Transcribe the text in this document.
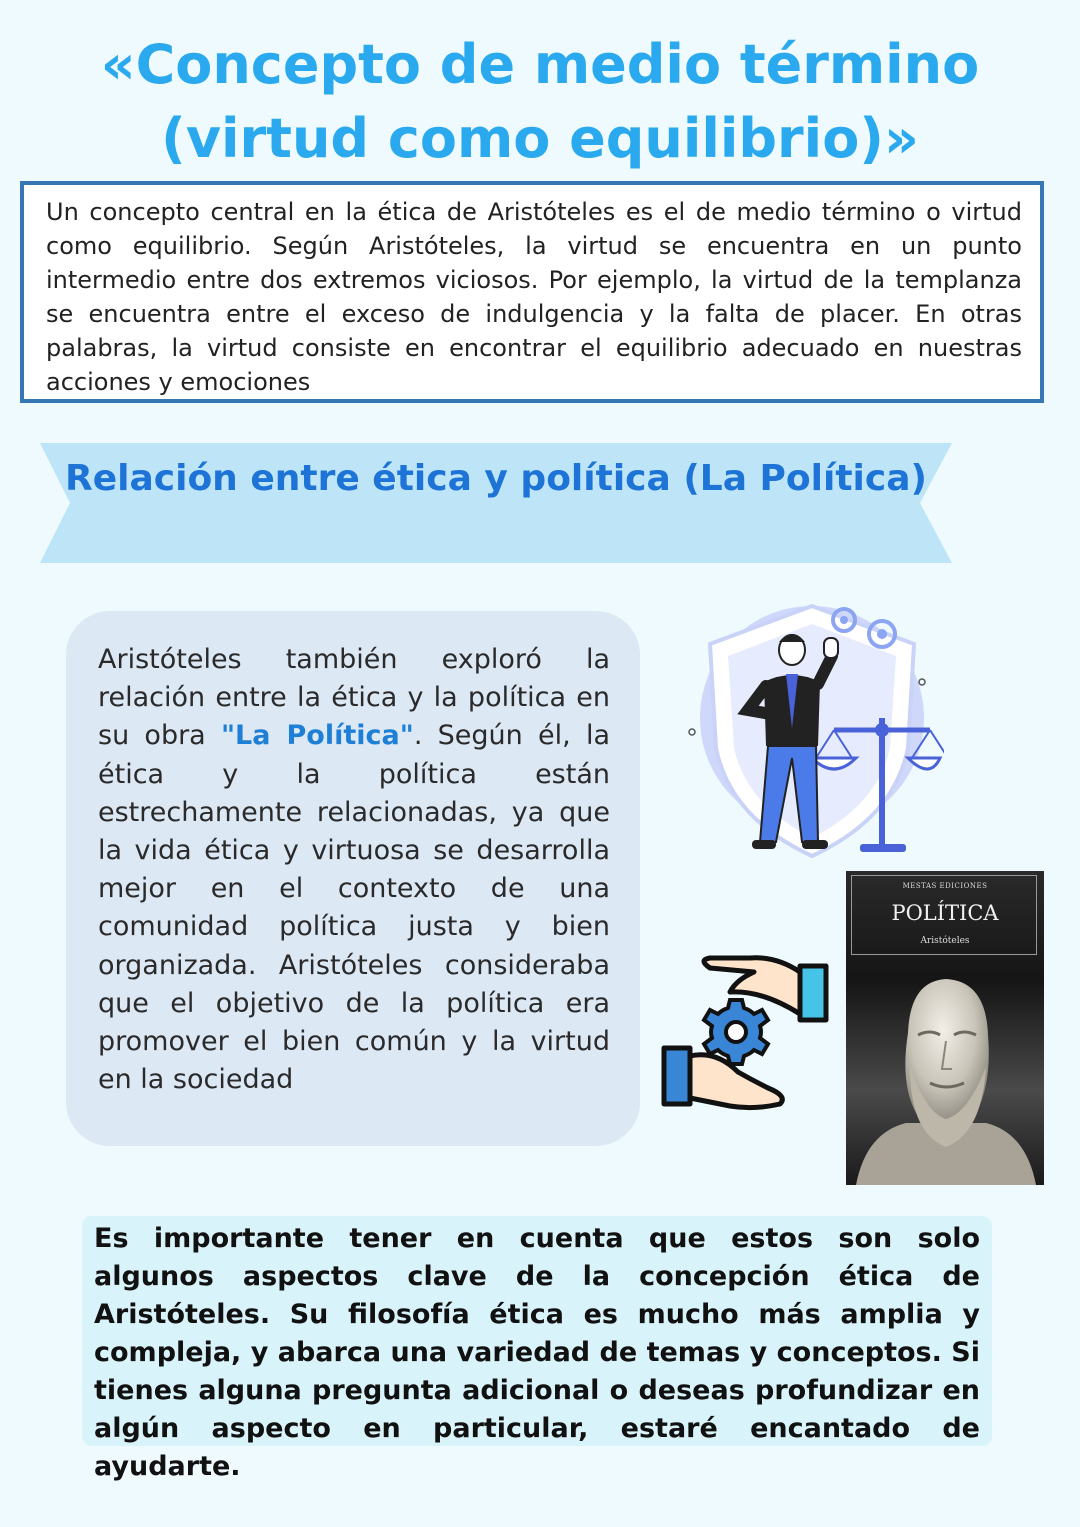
«Concepto de medio término (virtud como equilibrio)»
Un concepto central en la ética de Aristóteles es el de medio término o virtud como equilibrio. Según Aristóteles, la virtud se encuentra en un punto intermedio entre dos extremos viciosos. Por ejemplo, la virtud de la templanza se encuentra entre el exceso de indulgencia y la falta de placer. En otras palabras, la virtud consiste en encontrar el equilibrio adecuado en nuestras acciones y emociones
Relación entre ética y política (La Política)
Aristóteles también exploró la relación entre la ética y la política en su obra "La Política". Según él, la ética y la política están estrechamente relacionadas, ya que la vida ética y virtuosa se desarrolla mejor en el contexto de una comunidad política justa y bien organizada. Aristóteles consideraba que el objetivo de la política era promover el bien común y la virtud en la sociedad
MESTAS EDICIONES
POLÍTICA
Aristóteles
Es importante tener en cuenta que estos son solo algunos aspectos clave de la concepción ética de Aristóteles. Su filosofía ética es mucho más amplia y compleja, y abarca una variedad de temas y conceptos. Si tienes alguna pregunta adicional o deseas profundizar en algún aspecto en particular, estaré encantado de ayudarte.
